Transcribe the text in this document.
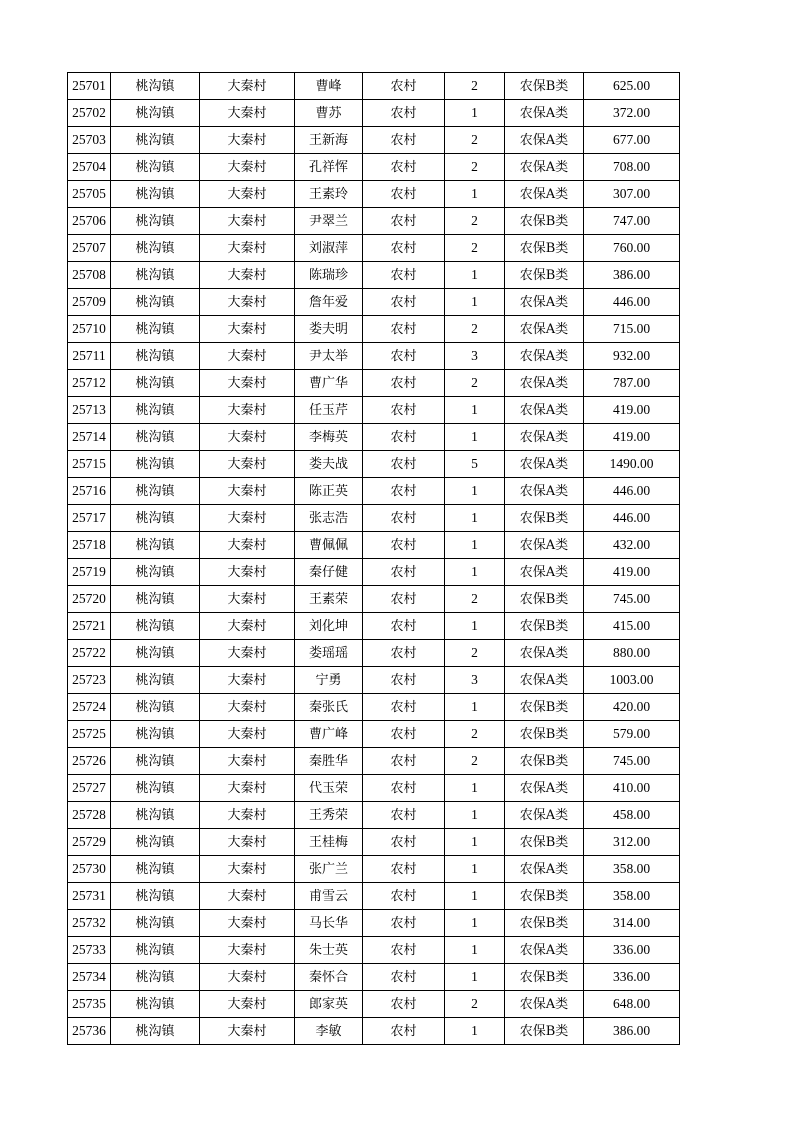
25701	桃沟镇	大秦村	曹峰	农村	2	农保B类	625.00
25702	桃沟镇	大秦村	曹苏	农村	1	农保A类	372.00
25703	桃沟镇	大秦村	王新海	农村	2	农保A类	677.00
25704	桃沟镇	大秦村	孔祥恽	农村	2	农保A类	708.00
25705	桃沟镇	大秦村	王素玲	农村	1	农保A类	307.00
25706	桃沟镇	大秦村	尹翠兰	农村	2	农保B类	747.00
25707	桃沟镇	大秦村	刘淑萍	农村	2	农保B类	760.00
25708	桃沟镇	大秦村	陈瑞珍	农村	1	农保B类	386.00
25709	桃沟镇	大秦村	詹年爱	农村	1	农保A类	446.00
25710	桃沟镇	大秦村	娄夫明	农村	2	农保A类	715.00
25711	桃沟镇	大秦村	尹太举	农村	3	农保A类	932.00
25712	桃沟镇	大秦村	曹广华	农村	2	农保A类	787.00
25713	桃沟镇	大秦村	任玉芹	农村	1	农保A类	419.00
25714	桃沟镇	大秦村	李梅英	农村	1	农保A类	419.00
25715	桃沟镇	大秦村	娄夫战	农村	5	农保A类	1490.00
25716	桃沟镇	大秦村	陈正英	农村	1	农保A类	446.00
25717	桃沟镇	大秦村	张志浩	农村	1	农保B类	446.00
25718	桃沟镇	大秦村	曹佩佩	农村	1	农保A类	432.00
25719	桃沟镇	大秦村	秦仔健	农村	1	农保A类	419.00
25720	桃沟镇	大秦村	王素荣	农村	2	农保B类	745.00
25721	桃沟镇	大秦村	刘化坤	农村	1	农保B类	415.00
25722	桃沟镇	大秦村	娄瑶瑶	农村	2	农保A类	880.00
25723	桃沟镇	大秦村	宁勇	农村	3	农保A类	1003.00
25724	桃沟镇	大秦村	秦张氏	农村	1	农保B类	420.00
25725	桃沟镇	大秦村	曹广峰	农村	2	农保B类	579.00
25726	桃沟镇	大秦村	秦胜华	农村	2	农保B类	745.00
25727	桃沟镇	大秦村	代玉荣	农村	1	农保A类	410.00
25728	桃沟镇	大秦村	王秀荣	农村	1	农保A类	458.00
25729	桃沟镇	大秦村	王桂梅	农村	1	农保B类	312.00
25730	桃沟镇	大秦村	张广兰	农村	1	农保A类	358.00
25731	桃沟镇	大秦村	甫雪云	农村	1	农保B类	358.00
25732	桃沟镇	大秦村	马长华	农村	1	农保B类	314.00
25733	桃沟镇	大秦村	朱士英	农村	1	农保A类	336.00
25734	桃沟镇	大秦村	秦怀合	农村	1	农保B类	336.00
25735	桃沟镇	大秦村	郎家英	农村	2	农保A类	648.00
25736	桃沟镇	大秦村	李敏	农村	1	农保B类	386.00
